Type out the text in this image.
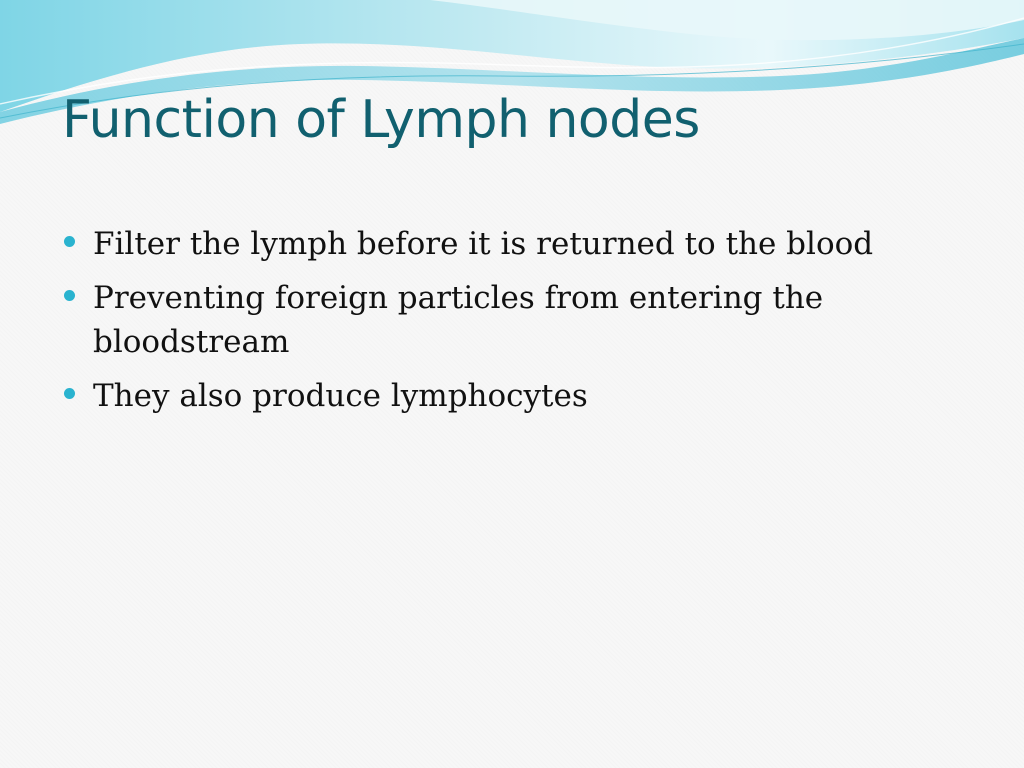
Function of Lymph nodes
Filter the lymph before it is returned to the blood
Preventing foreign particles from entering the bloodstream
They also produce lymphocytes
